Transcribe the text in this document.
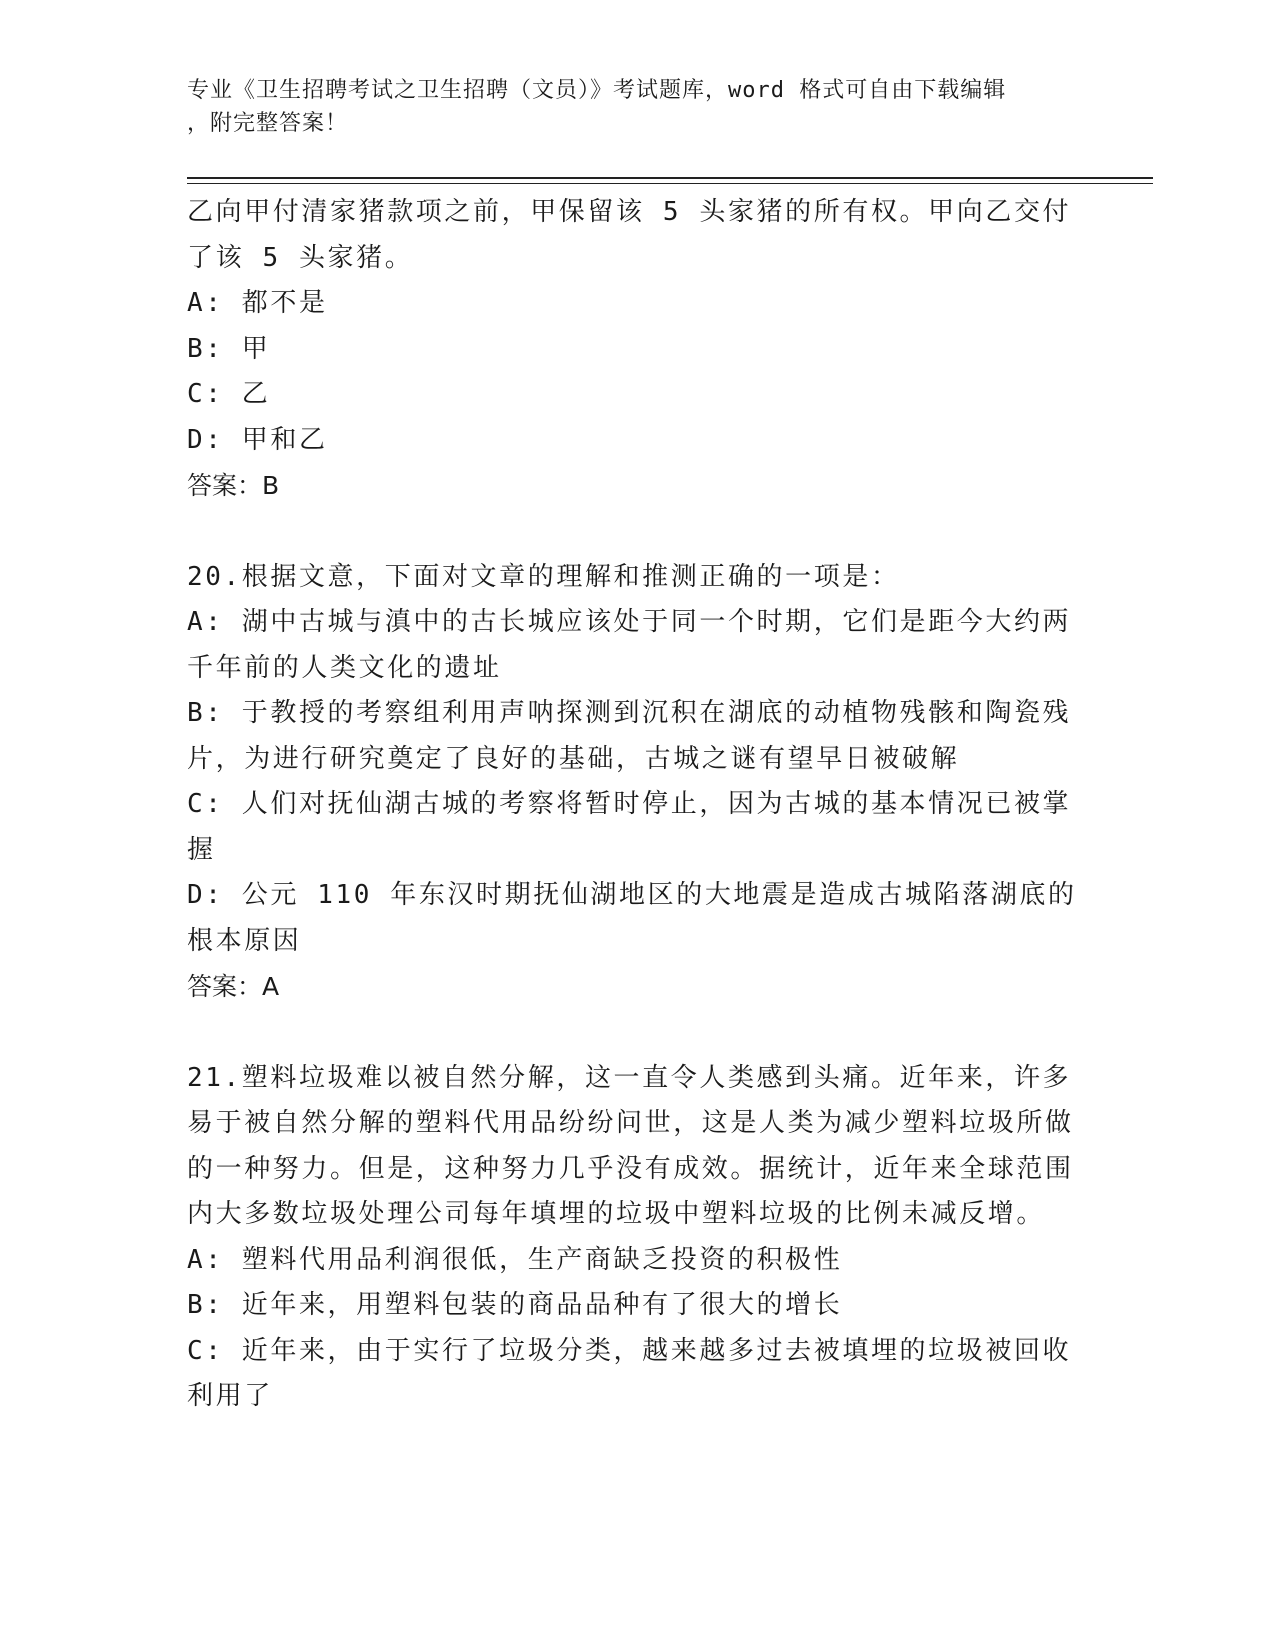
专业《卫生招聘考试之卫生招聘（文员）》考试题库，word 格式可自由下载编辑
，附完整答案！

乙向甲付清家猪款项之前，甲保留该 5 头家猪的所有权。甲向乙交付了该 5 头家猪。

A: 都不是

B: 甲

C: 乙

D: 甲和乙

答案：B

20.根据文意，下面对文章的理解和推测正确的一项是：

A: 湖中古城与滇中的古长城应该处于同一个时期，它们是距今大约两千年前的人类文化的遗址

B: 于教授的考察组利用声呐探测到沉积在湖底的动植物残骸和陶瓷残片，为进行研究奠定了良好的基础，古城之谜有望早日被破解

C: 人们对抚仙湖古城的考察将暂时停止，因为古城的基本情况已被掌握

D: 公元 110 年东汉时期抚仙湖地区的大地震是造成古城陷落湖底的根本原因

答案：A

21.塑料垃圾难以被自然分解，这一直令人类感到头痛。近年来，许多易于被自然分解的塑料代用品纷纷问世，这是人类为减少塑料垃圾所做的一种努力。但是，这种努力几乎没有成效。据统计，近年来全球范围内大多数垃圾处理公司每年填埋的垃圾中塑料垃圾的比例未减反增。

A: 塑料代用品利润很低，生产商缺乏投资的积极性

B: 近年来，用塑料包装的商品品种有了很大的增长

C: 近年来，由于实行了垃圾分类，越来越多过去被填埋的垃圾被回收利用了
